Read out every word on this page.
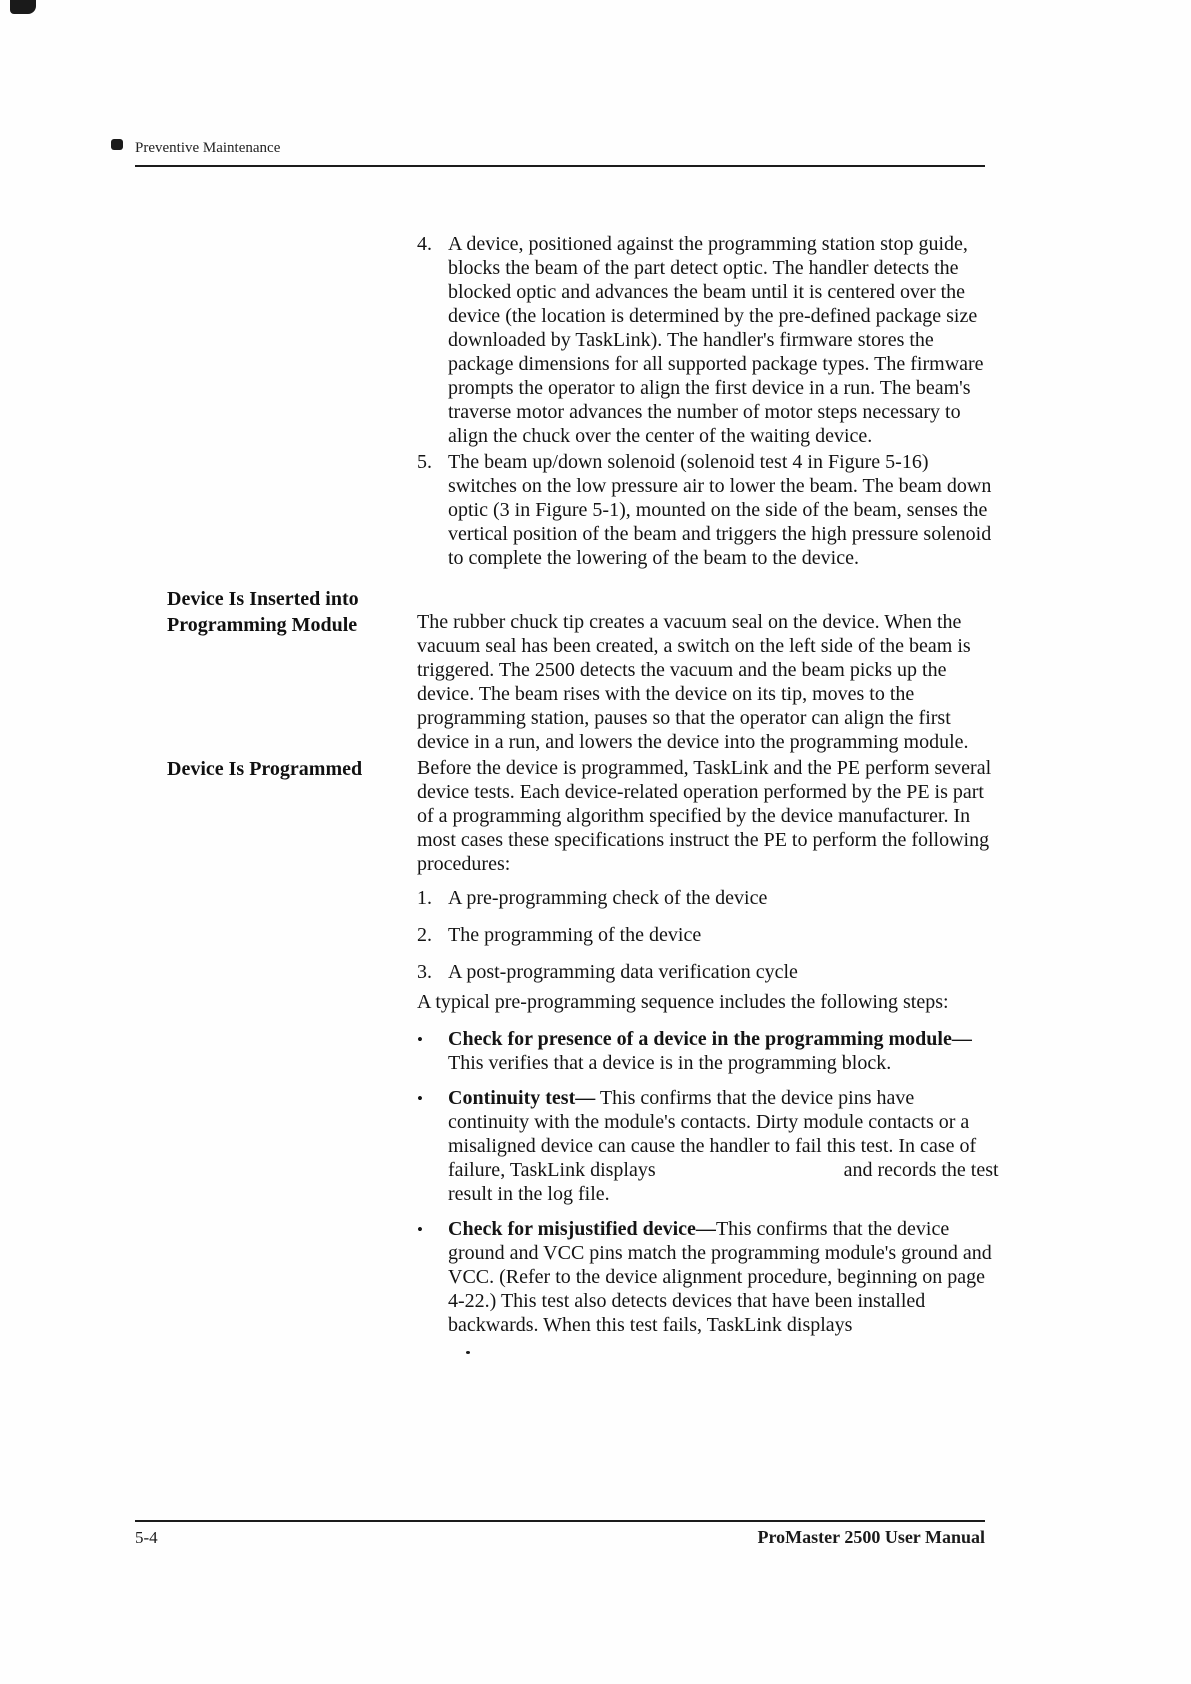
Preventive Maintenance
4. A device, positioned against the programming station stop guide, blocks the beam of the part detect optic. The handler detects the blocked optic and advances the beam until it is centered over the device (the location is determined by the pre-defined package size downloaded by TaskLink). The handler's firmware stores the package dimensions for all supported package types. The firmware prompts the operator to align the first device in a run. The beam's traverse motor advances the number of motor steps necessary to align the chuck over the center of the waiting device.
5. The beam up/down solenoid (solenoid test 4 in Figure 5-16) switches on the low pressure air to lower the beam. The beam down optic (3 in Figure 5-1), mounted on the side of the beam, senses the vertical position of the beam and triggers the high pressure solenoid to complete the lowering of the beam to the device.
Device Is Inserted into Programming Module	The rubber chuck tip creates a vacuum seal on the device. When the vacuum seal has been created, a switch on the left side of the beam is triggered. The 2500 detects the vacuum and the beam picks up the device. The beam rises with the device on its tip, moves to the programming station, pauses so that the operator can align the first device in a run, and lowers the device into the programming module.
Device Is Programmed	Before the device is programmed, TaskLink and the PE perform several device tests. Each device-related operation performed by the PE is part of a programming algorithm specified by the device manufacturer. In most cases these specifications instruct the PE to perform the following procedures:
1. A pre-programming check of the device
2. The programming of the device
3. A post-programming data verification cycle
A typical pre-programming sequence includes the following steps:
•	Check for presence of a device in the programming module—This verifies that a device is in the programming block.
•	Continuity test— This confirms that the device pins have continuity with the module's contacts. Dirty module contacts or a misaligned device can cause the handler to fail this test. In case of failure, TaskLink displays	and records the test result in the log file.
•	Check for misjustified device—This confirms that the device ground and VCC pins match the programming module's ground and VCC. (Refer to the device alignment procedure, beginning on page 4-22.) This test also detects devices that have been installed backwards. When this test fails, TaskLink displays
5-4	ProMaster 2500 User Manual
